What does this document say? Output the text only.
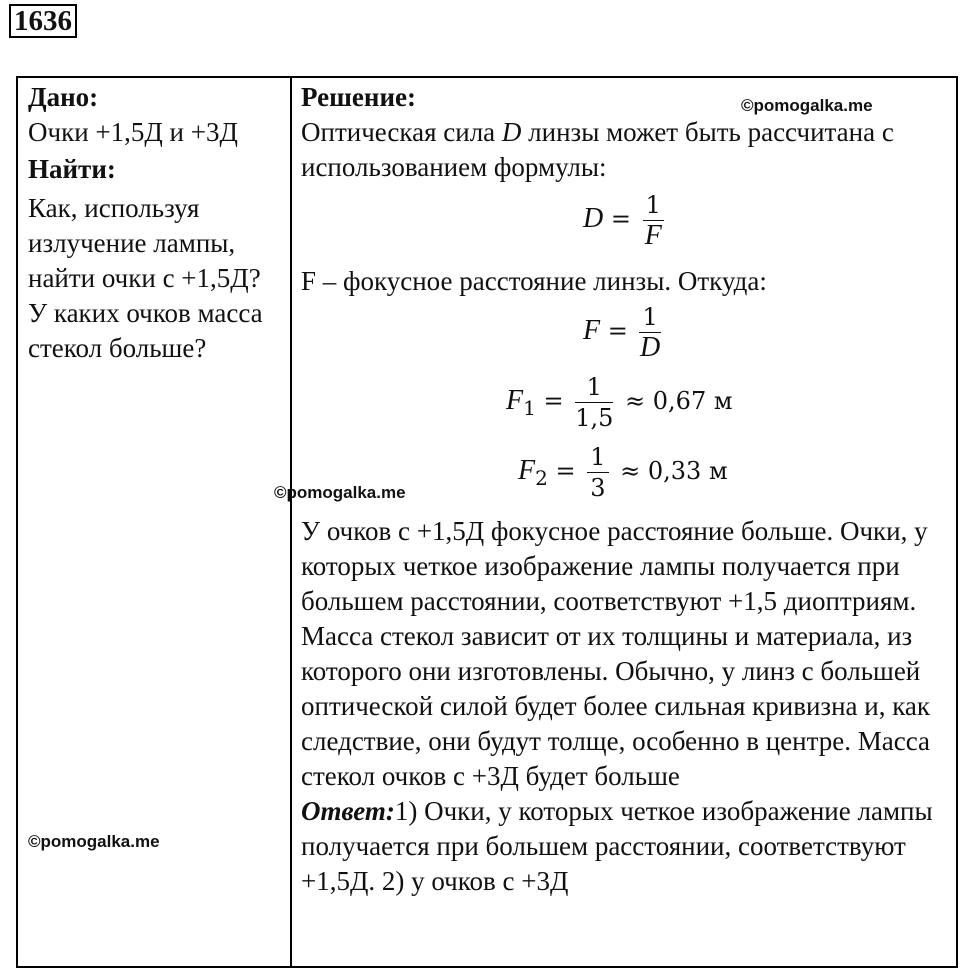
1636
Дано:
Очки +1,5Д и +3Д
Найти:
Как, используя излучение лампы, найти очки с +1,5Д? У каких очков масса стекол больше?
Решение:
Оптическая сила D линзы может быть рассчитана с использованием формулы:
$D = \frac{1}{F}$
F – фокусное расстояние линзы. Откуда:
$F = \frac{1}{D}$
$F_1 = \frac{1}{1,5} \approx 0,67$ м
$F_2 = \frac{1}{3} \approx 0,33$ м
У очков с +1,5Д фокусное расстояние больше. Очки, у которых четкое изображение лампы получается при большем расстоянии, соответствуют +1,5 диоптриям.
Масса стекол зависит от их толщины и материала, из которого они изготовлены. Обычно, у линз с большей оптической силой будет более сильная кривизна и, как следствие, они будут толще, особенно в центре. Масса стекол очков с +3Д будет больше
Ответ:1) Очки, у которых четкое изображение лампы получается при большем расстоянии, соответствуют +1,5Д. 2) у очков с +3Д
©pomogalka.me
©pomogalka.me
©pomogalka.me
